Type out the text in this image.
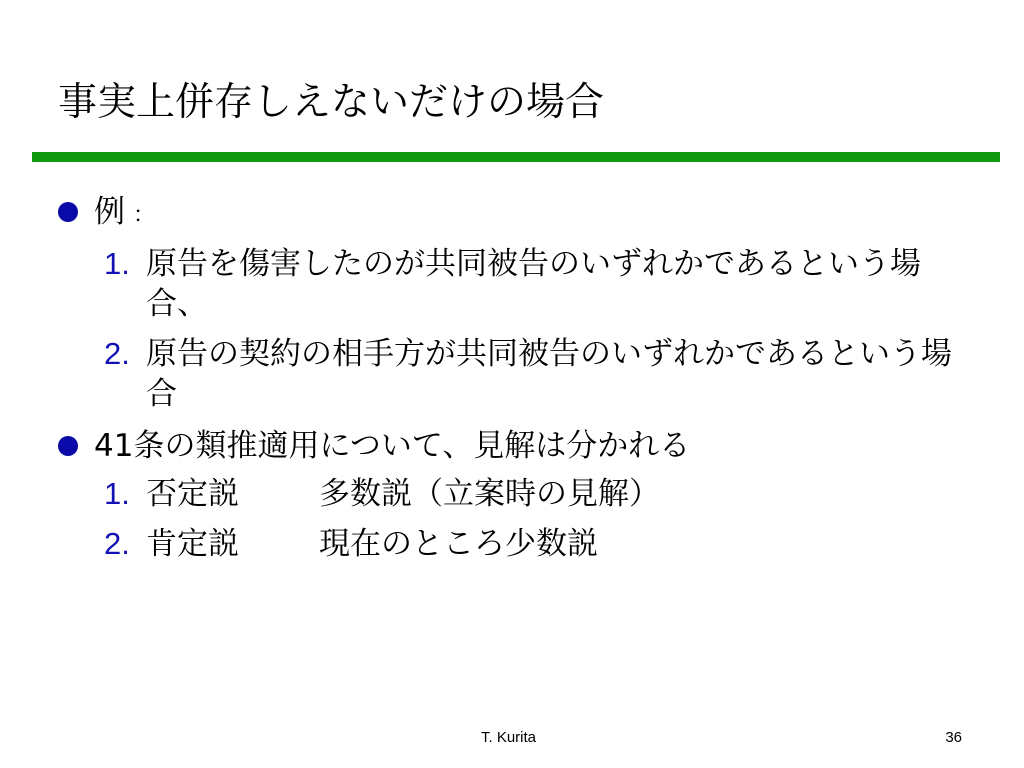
事実上併存しえないだけの場合
例 ：
1. 原告を傷害したのが共同被告のいずれかであるという場合、
2. 原告の契約の相手方が共同被告のいずれかであるという場合
41条の類推適用について、見解は分かれる
1. 否定説	多数説（立案時の見解）
2. 肯定説	現在のところ少数説
T. Kurita	36
